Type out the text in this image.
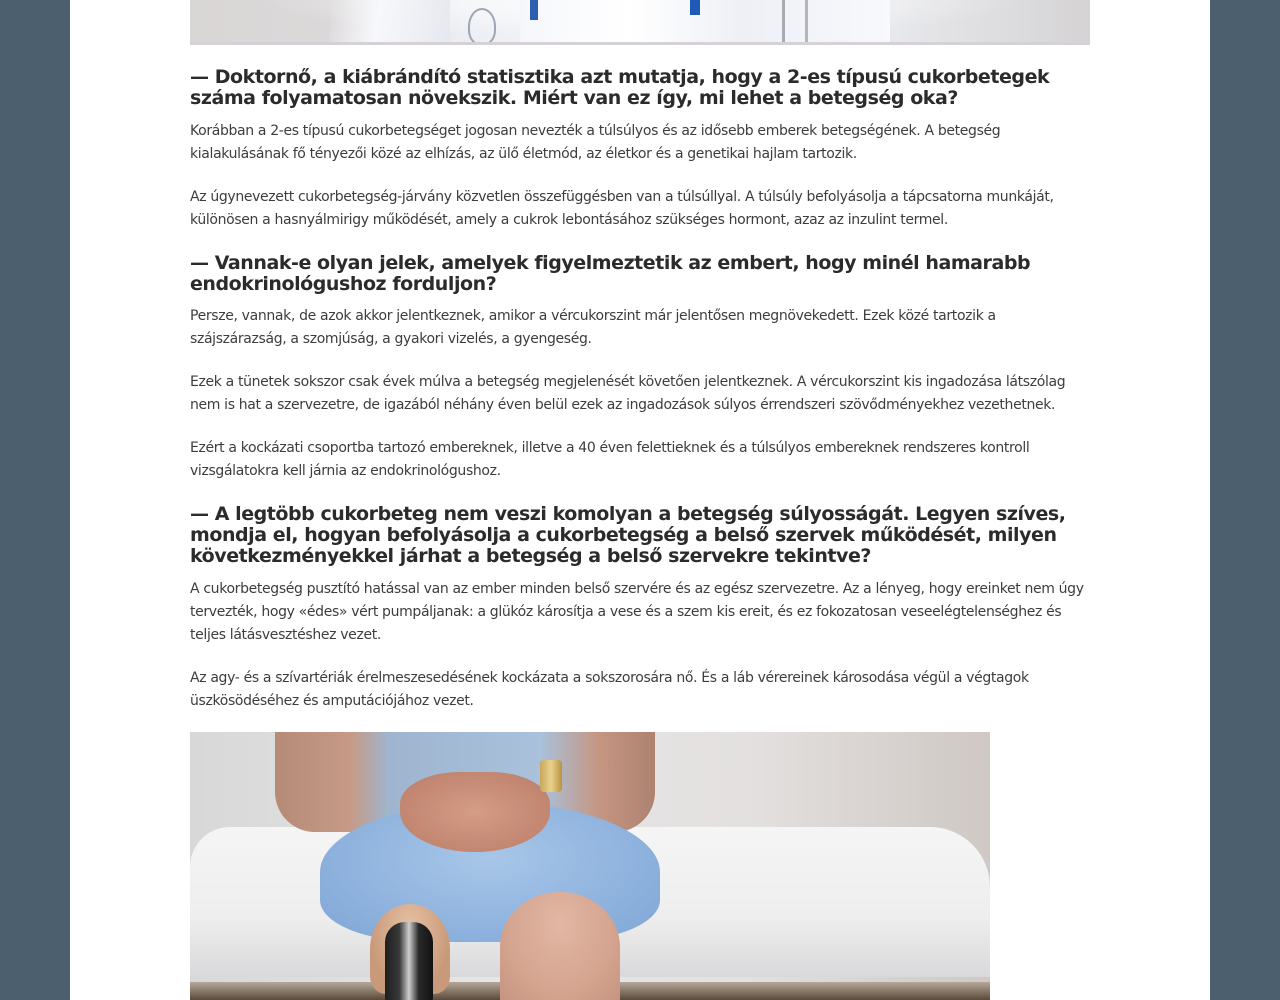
— Doktornő, a kiábrándító statisztika azt mutatja, hogy a 2-es típusú cukorbetegek száma folyamatosan növekszik. Miért van ez így, mi lehet a betegség oka?

Korábban a 2-es típusú cukorbetegséget jogosan nevezték a túlsúlyos és az idősebb emberek betegségének. A betegség kialakulásának fő tényezői közé az elhízás, az ülő életmód, az életkor és a genetikai hajlam tartozik.

Az úgynevezett cukorbetegség-járvány közvetlen összefüggésben van a túlsúllyal. A túlsúly befolyásolja a tápcsatorna munkáját, különösen a hasnyálmirigy működését, amely a cukrok lebontásához szükséges hormont, azaz az inzulint termel.

— Vannak-e olyan jelek, amelyek figyelmeztetik az embert, hogy minél hamarabb endokrinológushoz forduljon?

Persze, vannak, de azok akkor jelentkeznek, amikor a vércukorszint már jelentősen megnövekedett. Ezek közé tartozik a szájszárazság, a szomjúság, a gyakori vizelés, a gyengeség.

Ezek a tünetek sokszor csak évek múlva a betegség megjelenését követően jelentkeznek. A vércukorszint kis ingadozása látszólag nem is hat a szervezetre, de igazából néhány éven belül ezek az ingadozások súlyos érrendszeri szövődményekhez vezethetnek.

Ezért a kockázati csoportba tartozó embereknek, illetve a 40 éven felettieknek és a túlsúlyos embereknek rendszeres kontroll vizsgálatokra kell járnia az endokrinológushoz.

— A legtöbb cukorbeteg nem veszi komolyan a betegség súlyosságát. Legyen szíves, mondja el, hogyan befolyásolja a cukorbetegség a belső szervek működését, milyen következményekkel járhat a betegség a belső szervekre tekintve?

A cukorbetegség pusztító hatással van az ember minden belső szervére és az egész szervezetre. Az a lényeg, hogy ereinket nem úgy tervezték, hogy «édes» vért pumpáljanak: a glükóz károsítja a vese és a szem kis ereit, és ez fokozatosan veseelégtelenséghez és teljes látásvesztéshez vezet.

Az agy- és a szívartériák érelmeszesedésének kockázata a sokszorosára nő. És a láb vérereinek károsodása végül a végtagok üszkösödéséhez és amputációjához vezet.
